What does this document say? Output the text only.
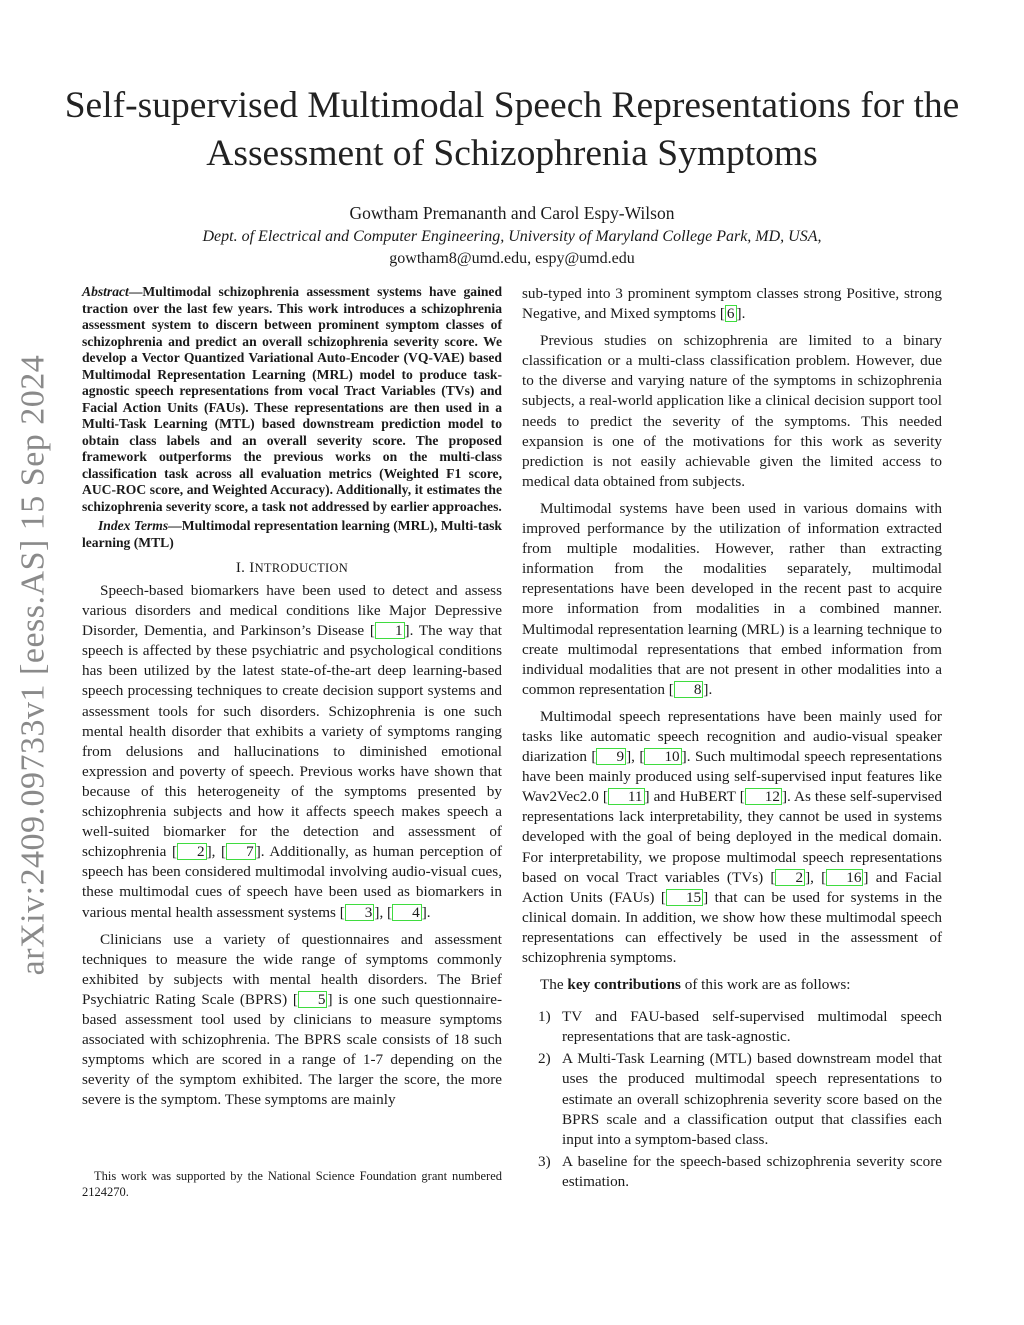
arXiv:2409.09733v1 [eess.AS] 15 Sep 2024
Self-supervised Multimodal Speech Representations for the Assessment of Schizophrenia Symptoms
Gowtham Premananth and Carol Espy-Wilson
Dept. of Electrical and Computer Engineering, University of Maryland College Park, MD, USA,
gowtham8@umd.edu, espy@umd.edu

Abstract—Multimodal schizophrenia assessment systems have gained traction over the last few years. This work introduces a schizophrenia assessment system to discern between prominent symptom classes of schizophrenia and predict an overall schizophrenia severity score. We develop a Vector Quantized Variational Auto-Encoder (VQ-VAE) based Multimodal Representation Learning (MRL) model to produce task-agnostic speech representations from vocal Tract Variables (TVs) and Facial Action Units (FAUs). These representations are then used in a Multi-Task Learning (MTL) based downstream prediction model to obtain class labels and an overall severity score. The proposed framework outperforms the previous works on the multi-class classification task across all evaluation metrics (Weighted F1 score, AUC-ROC score, and Weighted Accuracy). Additionally, it estimates the schizophrenia severity score, a task not addressed by earlier approaches.

Index Terms—Multimodal representation learning (MRL), Multi-task learning (MTL)

I. INTRODUCTION

Speech-based biomarkers have been used to detect and assess various disorders and medical conditions like Major Depressive Disorder, Dementia, and Parkinson’s Disease [ 1 ]. The way that speech is affected by these psychiatric and psychological conditions has been utilized by the latest state-of-the-art deep learning-based speech processing techniques to create decision support systems and assessment tools for such disorders. Schizophrenia is one such mental health disorder that exhibits a variety of symptoms ranging from delusions and hallucinations to diminished emotional expression and poverty of speech. Previous works have shown that because of this heterogeneity of the symptoms presented by schizophrenia subjects and how it affects speech makes speech a well-suited biomarker for the detection and assessment of schizophrenia [ 2 ], [ 7 ]. Additionally, as human perception of speech has been considered multimodal involving audio-visual cues, these multimodal cues of speech have been used as biomarkers in various mental health assessment systems [ 3 ], [ 4 ].

Clinicians use a variety of questionnaires and assessment techniques to measure the wide range of symptoms commonly exhibited by subjects with mental health disorders. The Brief Psychiatric Rating Scale (BPRS) [ 5 ] is one such questionnaire-based assessment tool used by clinicians to measure symptoms associated with schizophrenia. The BPRS scale consists of 18 such symptoms which are scored in a range of 1-7 depending on the severity of the symptom exhibited. The larger the score, the more severe is the symptom. These symptoms are mainly

This work was supported by the National Science Foundation grant numbered 2124270.

sub-typed into 3 prominent symptom classes strong Positive, strong Negative, and Mixed symptoms [ 6 ].

Previous studies on schizophrenia are limited to a binary classification or a multi-class classification problem. However, due to the diverse and varying nature of the symptoms in schizophrenia subjects, a real-world application like a clinical decision support tool needs to predict the severity of the symptoms. This needed expansion is one of the motivations for this work as severity prediction is not easily achievable given the limited access to medical data obtained from subjects.

Multimodal systems have been used in various domains with improved performance by the utilization of information extracted from multiple modalities. However, rather than extracting information from the modalities separately, multimodal representations have been developed in the recent past to acquire more information from modalities in a combined manner. Multimodal representation learning (MRL) is a learning technique to create multimodal representations that embed information from individual modalities that are not present in other modalities into a common representation [ 8 ].

Multimodal speech representations have been mainly used for tasks like automatic speech recognition and audio-visual speaker diarization [ 9 ], [ 10 ]. Such multimodal speech representations have been mainly produced using self-supervised input features like Wav2Vec2.0 [ 11 ] and HuBERT [ 12 ]. As these self-supervised representations lack interpretability, they cannot be used in systems developed with the goal of being deployed in the medical domain. For interpretability, we propose multimodal speech representations based on vocal Tract variables (TVs) [ 2 ], [ 16 ] and Facial Action Units (FAUs) [ 15 ] that can be used for systems in the clinical domain. In addition, we show how these multimodal speech representations can effectively be used in the assessment of schizophrenia symptoms.

The key contributions of this work are as follows:

1) TV and FAU-based self-supervised multimodal speech representations that are task-agnostic.
2) A Multi-Task Learning (MTL) based downstream model that uses the produced multimodal speech representations to estimate an overall schizophrenia severity score based on the BPRS scale and a classification output that classifies each input into a symptom-based class.
3) A baseline for the speech-based schizophrenia severity score estimation.
